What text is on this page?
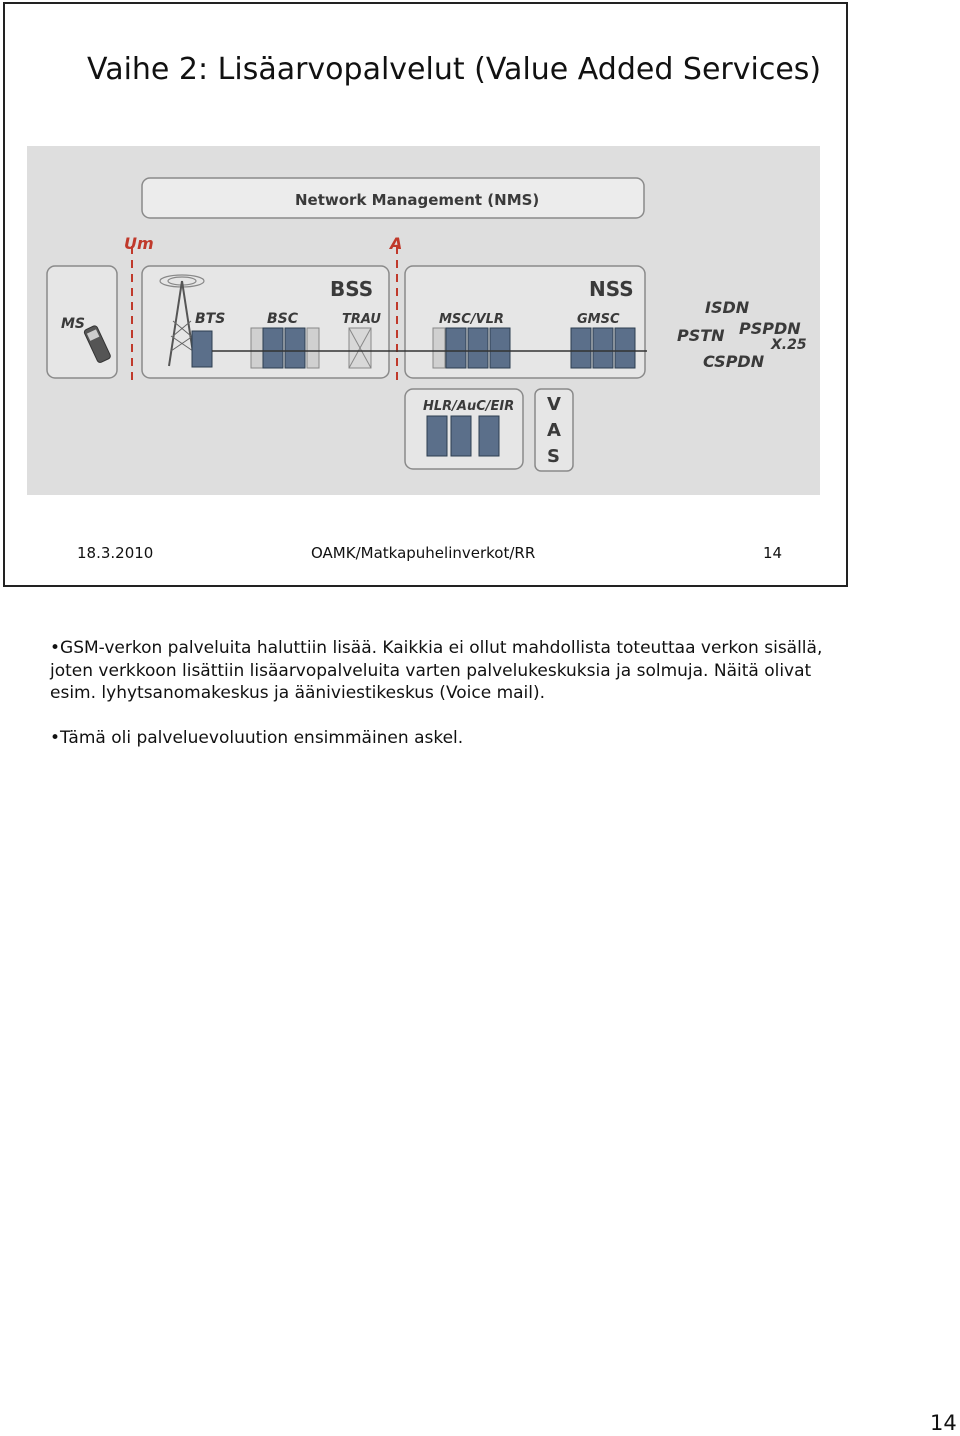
Vaihe 2: Lisäarvopalvelut (Value Added Services)
Network Management (NMS)
Um	A
MS
BSS
BTS	BSC	TRAU
NSS
MSC/VLR	GMSC
ISDN
PSTN PSPDN
X.25
CSPDN
HLR/AuC/EIR V
A
S
18.3.2010	OAMK/Matkapuhelinverkot/RR	14

•GSM-verkon palveluita haluttiin lisää. Kaikkia ei ollut mahdollista toteuttaa verkon sisällä, joten verkkoon lisättiin lisäarvopalveluita varten palvelukeskuksia ja solmuja. Näitä olivat esim. lyhytsanomakeskus ja ääniviestikeskus (Voice mail).

•Tämä oli palveluevoluution ensimmäinen askel.

14
